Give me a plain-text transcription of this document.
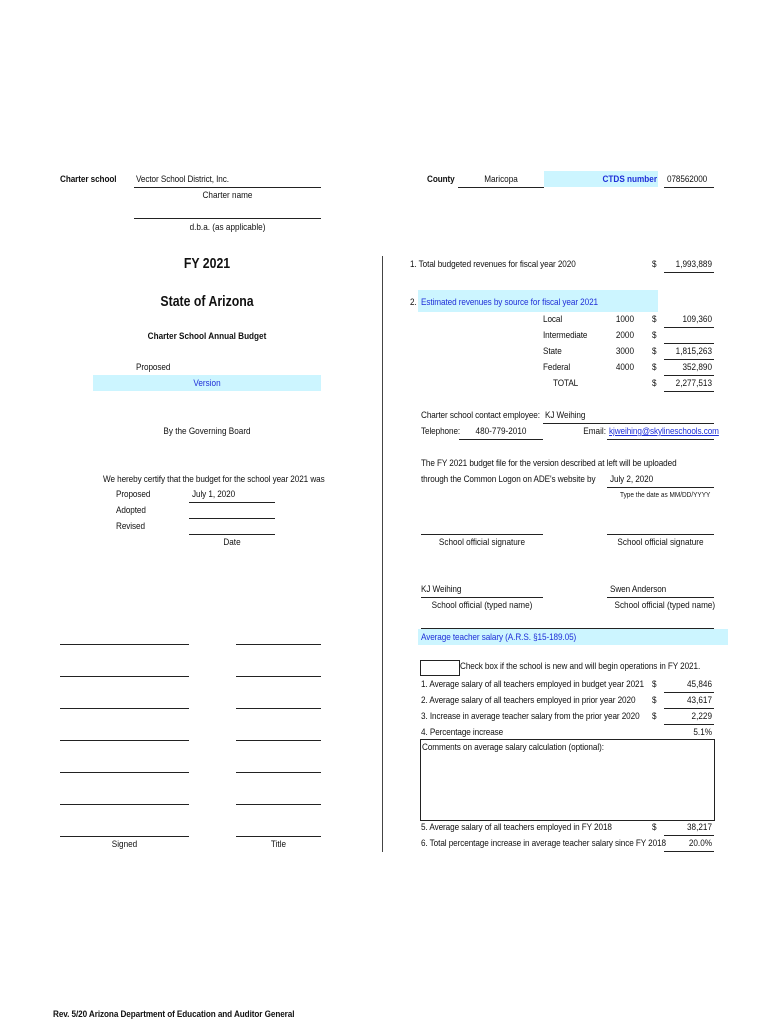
Charter school Vector School District, Inc.
Charter name
d.b.a. (as applicable)
County	Maricopa	CTDS number 078562000
FY 2021
State of Arizona
Charter School Annual Budget
Proposed
Version
By the Governing Board
We hereby certify that the budget for the school year 2021 was
Proposed	July 1, 2020
Adopted
Revised
Date
Signed	Title
1. Total budgeted revenues for fiscal year 2020	$	1,993,889
2. Estimated revenues by source for fiscal year 2021
Local	1000 $	109,360
Intermediate	2000 $
State	3000 $	1,815,263
Federal	4000 $	352,890
TOTAL	$	2,277,513
Charter school contact employee: KJ Weihing
Telephone:	480-779-2010	Email: kjweihing@skylineschools.com
The FY 2021 budget file for the version described at left will be uploaded
through the Common Logon on ADE's website by July 2, 2020
Type the date as MM/DD/YYYY
School official signature	School official signature
KJ Weihing	Swen Anderson
School official (typed name)	School official (typed name)
Average teacher salary (A.R.S. §15-189.05)
Check box if the school is new and will begin operations in FY 2021.
1. Average salary of all teachers employed in budget year 2021 $	45,846
2. Average salary of all teachers employed in prior year 2020 $	43,617
3. Increase in average teacher salary from the prior year 2020 $	2,229
4. Percentage increase	5.1%
Comments on average salary calculation (optional):
5. Average salary of all teachers employed in FY 2018	$	38,217
6. Total percentage increase in average teacher salary since FY 2018	20.0%
Rev. 5/20 Arizona Department of Education and Auditor General
